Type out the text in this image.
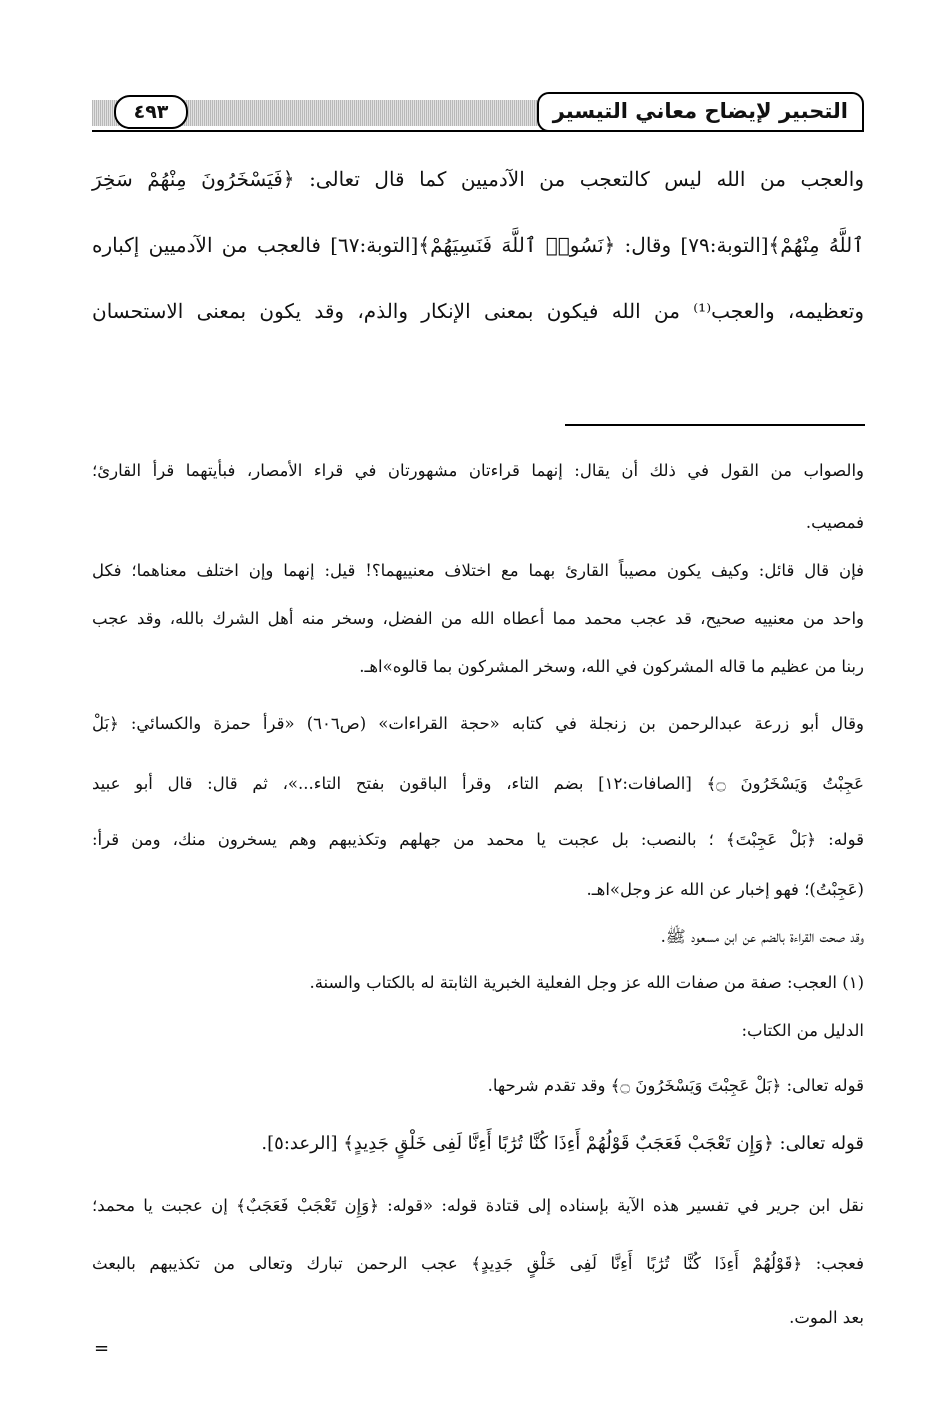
التحبير لإيضاح معاني التيسير
٤٩٣

والعجب من الله ليس كالتعجب من الآدميين كما قال تعالى: ﴿فَيَسْخَرُونَ مِنْهُمْ سَخِرَ

ٱللَّهُ مِنْهُمْ﴾[التوبة:٧٩] وقال: ﴿نَسُوا۟ ٱللَّهَ فَنَسِيَهُمْ﴾[التوبة:٦٧] فالعجب من الآدميين إكباره

وتعظيمه، والعجب⁽¹⁾ من الله فيكون بمعنى الإنكار والذم، وقد يكون بمعنى الاستحسان

والصواب من القول في ذلك أن يقال: إنهما قراءتان مشهورتان في قراء الأمصار، فبأيتهما قرأ القارئ؛

فمصيب.

فإن قال قائل: وكيف يكون مصيباً القارئ بهما مع اختلاف معنييهما؟! قيل: إنهما وإن اختلف معناهما؛ فكل

واحد من معنييه صحيح، قد عجب محمد مما أعطاه الله من الفضل، وسخر منه أهل الشرك بالله، وقد عجب

ربنا من عظيم ما قاله المشركون في الله، وسخر المشركون بما قالوه»اهـ.

وقال أبو زرعة عبدالرحمن بن زنجلة في كتابه «حجة القراءات» (ص٦٠٦) «قرأ حمزة والكسائي: ﴿بَلْ

عَجِبْتُ وَيَسْخَرُونَ ۝﴾ [الصافات:١٢] بضم التاء، وقرأ الباقون بفتح التاء...»، ثم قال: قال أبو عبيد

قوله: ﴿بَلْ عَجِبْتَ﴾ ؛ بالنصب: بل عجبت يا محمد من جهلهم وتكذيبهم وهم يسخرون منك، ومن قرأ:

(عَجِبْتُ)؛ فهو إخبار عن الله عز وجل»اهـ.

وقد صحت القراءة بالضم عن ابن مسعود ﷺ.

(١) العجب: صفة من صفات الله عز وجل الفعلية الخبرية الثابتة له بالكتاب والسنة.

الدليل من الكتاب:

قوله تعالى: ﴿بَلْ عَجِبْتَ وَيَسْخَرُونَ ۝﴾ وقد تقدم شرحها.

قوله تعالى: ﴿وَإِن تَعْجَبْ فَعَجَبٌ قَوْلُهُمْ أَءِذَا كُنَّا تُرَٰبًا أَءِنَّا لَفِى خَلْقٍ جَدِيدٍ﴾ [الرعد:٥].

نقل ابن جرير في تفسير هذه الآية بإسناده إلى قتادة قوله: «قوله: ﴿وَإِن تَعْجَبْ فَعَجَبٌ﴾ إن عجبت يا محمد؛

فعجب: ﴿قَوْلُهُمْ أَءِذَا كُنَّا تُرَٰبًا أَءِنَّا لَفِى خَلْقٍ جَدِيدٍ﴾ عجب الرحمن تبارك وتعالى من تكذيبهم بالبعث

بعد الموت.

=
